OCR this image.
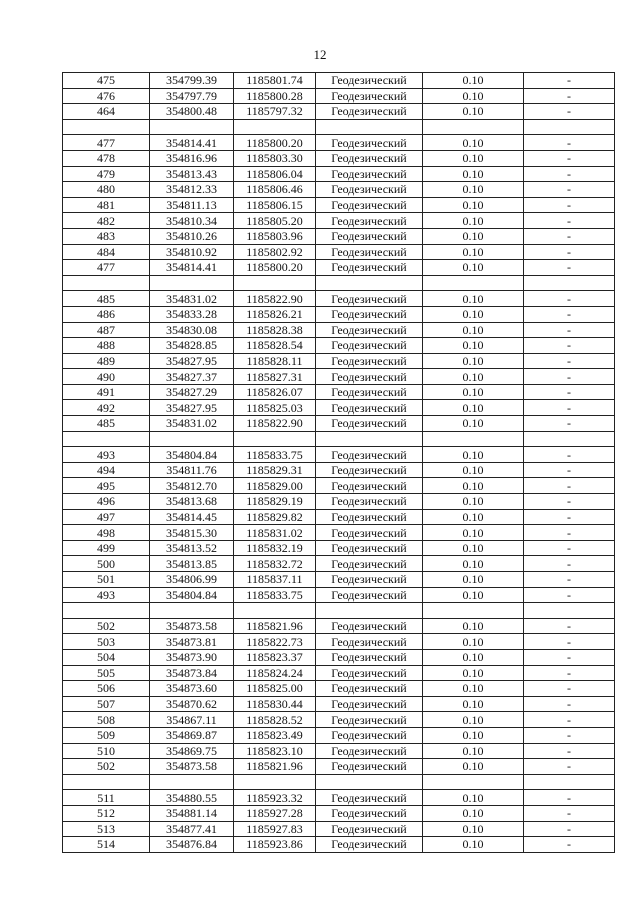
12
475	354799.39	1185801.74	Геодезический	0.10	-
476	354797.79	1185800.28	Геодезический	0.10	-
464	354800.48	1185797.32	Геодезический	0.10	-

477	354814.41	1185800.20	Геодезический	0.10	-
478	354816.96	1185803.30	Геодезический	0.10	-
479	354813.43	1185806.04	Геодезический	0.10	-
480	354812.33	1185806.46	Геодезический	0.10	-
481	354811.13	1185806.15	Геодезический	0.10	-
482	354810.34	1185805.20	Геодезический	0.10	-
483	354810.26	1185803.96	Геодезический	0.10	-
484	354810.92	1185802.92	Геодезический	0.10	-
477	354814.41	1185800.20	Геодезический	0.10	-

485	354831.02	1185822.90	Геодезический	0.10	-
486	354833.28	1185826.21	Геодезический	0.10	-
487	354830.08	1185828.38	Геодезический	0.10	-
488	354828.85	1185828.54	Геодезический	0.10	-
489	354827.95	1185828.11	Геодезический	0.10	-
490	354827.37	1185827.31	Геодезический	0.10	-
491	354827.29	1185826.07	Геодезический	0.10	-
492	354827.95	1185825.03	Геодезический	0.10	-
485	354831.02	1185822.90	Геодезический	0.10	-

493	354804.84	1185833.75	Геодезический	0.10	-
494	354811.76	1185829.31	Геодезический	0.10	-
495	354812.70	1185829.00	Геодезический	0.10	-
496	354813.68	1185829.19	Геодезический	0.10	-
497	354814.45	1185829.82	Геодезический	0.10	-
498	354815.30	1185831.02	Геодезический	0.10	-
499	354813.52	1185832.19	Геодезический	0.10	-
500	354813.85	1185832.72	Геодезический	0.10	-
501	354806.99	1185837.11	Геодезический	0.10	-
493	354804.84	1185833.75	Геодезический	0.10	-

502	354873.58	1185821.96	Геодезический	0.10	-
503	354873.81	1185822.73	Геодезический	0.10	-
504	354873.90	1185823.37	Геодезический	0.10	-
505	354873.84	1185824.24	Геодезический	0.10	-
506	354873.60	1185825.00	Геодезический	0.10	-
507	354870.62	1185830.44	Геодезический	0.10	-
508	354867.11	1185828.52	Геодезический	0.10	-
509	354869.87	1185823.49	Геодезический	0.10	-
510	354869.75	1185823.10	Геодезический	0.10	-
502	354873.58	1185821.96	Геодезический	0.10	-

511	354880.55	1185923.32	Геодезический	0.10	-
512	354881.14	1185927.28	Геодезический	0.10	-
513	354877.41	1185927.83	Геодезический	0.10	-
514	354876.84	1185923.86	Геодезический	0.10	-
